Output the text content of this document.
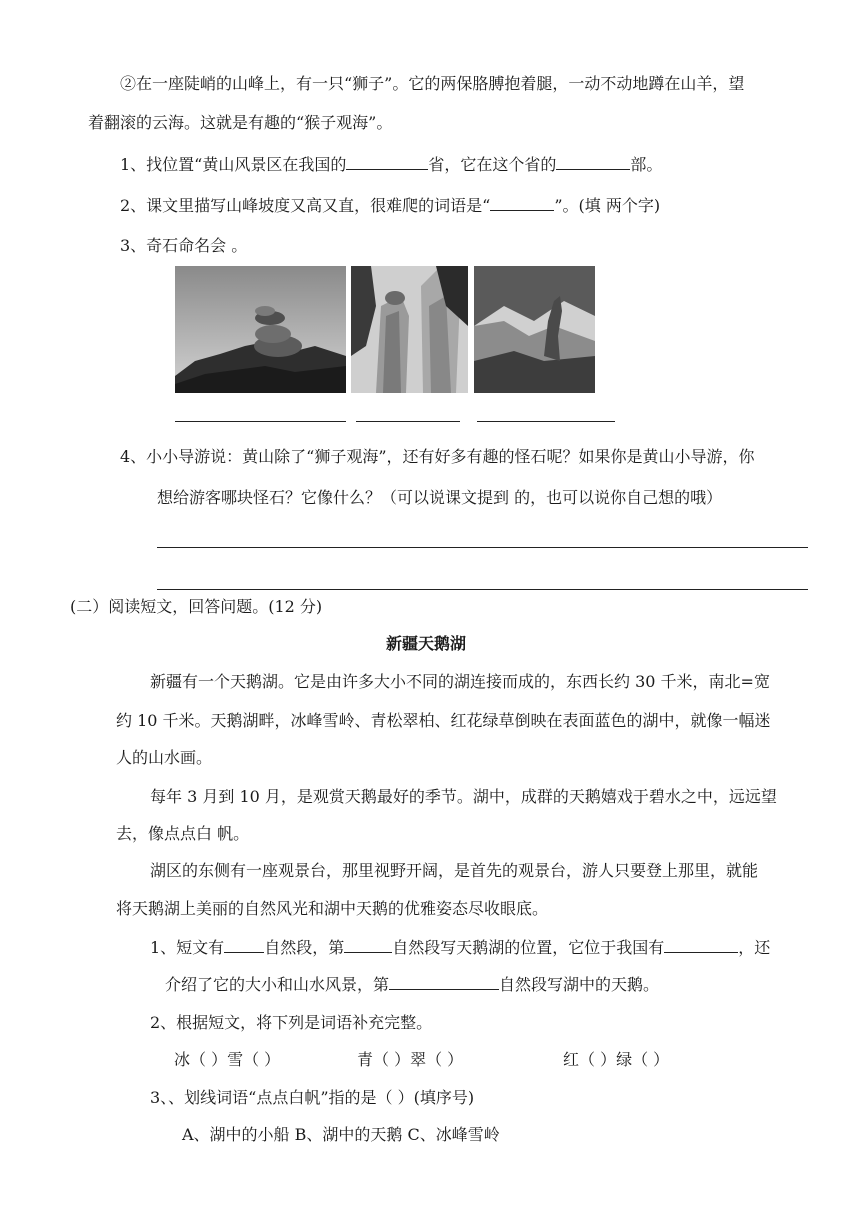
②在一座陡峭的山峰上，有一只“狮子”。它的两保胳膊抱着腿，一动不动地蹲在山羊，望
着翻滚的云海。这就是有趣的“猴子观海”。
1、找位置“黄山风景区在我国的	省，它在这个省的	部。
2、课文里描写山峰坡度又高又直，很难爬的词语是“	”。(填 两个字)
3、奇石命名会 。
4、小小导游说：黄山除了“狮子观海”，还有好多有趣的怪石呢？如果你是黄山小导游，你
想给游客哪块怪石？它像什么？（可以说课文提到 的，也可以说你自己想的哦）
(二）阅读短文，回答问题。(12 分)
新疆天鹅湖
新疆有一个天鹅湖。它是由许多大小不同的湖连接而成的，东西长约 30 千米，南北=宽
约 10 千米。天鹅湖畔，冰峰雪岭、青松翠柏、红花绿草倒映在表面蓝色的湖中，就像一幅迷
人的山水画。
每年 3 月到 10 月，是观赏天鹅最好的季节。湖中，成群的天鹅嬉戏于碧水之中，远远望
去，像点点白 帆。
湖区的东侧有一座观景台，那里视野开阔，是首先的观景台，游人只要登上那里，就能
将天鹅湖上美丽的自然风光和湖中天鹅的优雅姿态尽收眼底。
1、短文有	自然段，第	自然段写天鹅湖的位置，它位于我国有	，还
介绍了它的大小和山水风景，第	自然段写湖中的天鹅。
2、根据短文，将下列是词语补充完整。
冰（ ）雪（ ）	青（ ）翠（ ）	红（ ）绿（ ）
3、、划线词语“点点白帆”指的是（ ）(填序号)
A、湖中的小船 B、湖中的天鹅 C、冰峰雪岭
